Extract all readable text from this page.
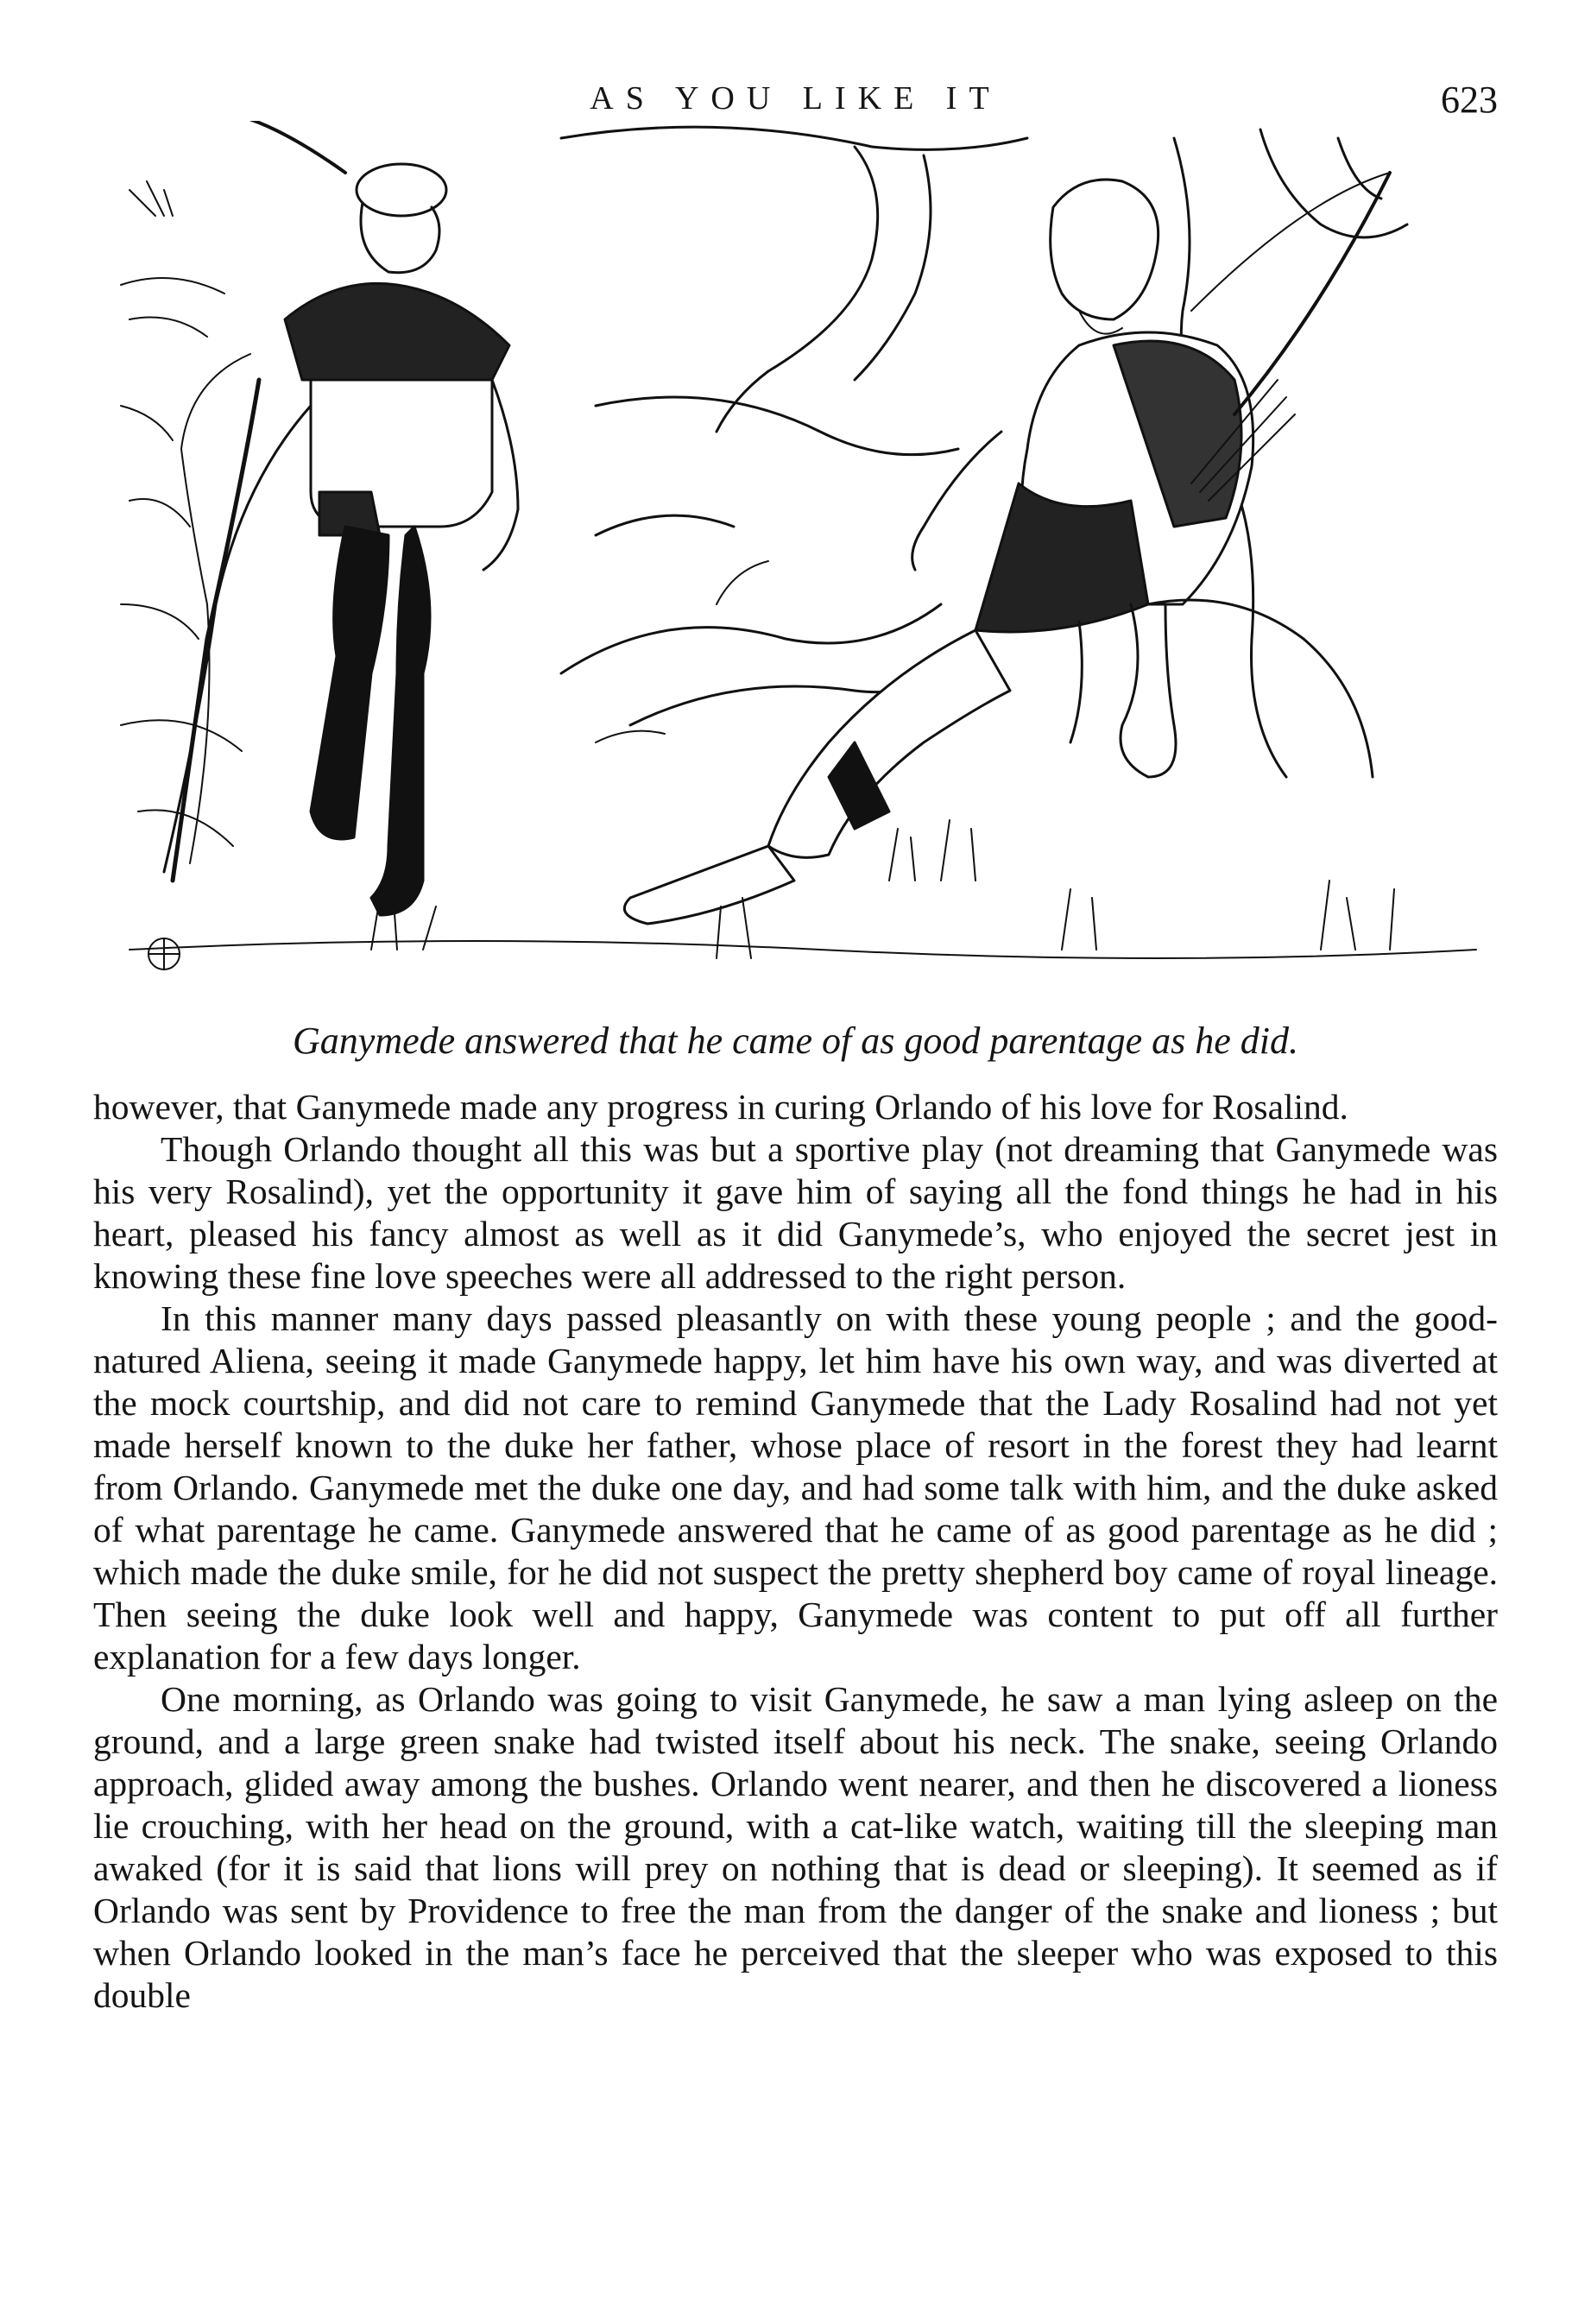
AS YOU LIKE IT	623
Ganymede answered that he came of as good parentage as he did.

however, that Ganymede made any progress in curing Orlando of his love for Rosalind.

Though Orlando thought all this was but a sportive play (not dreaming that Ganymede was his very Rosalind), yet the opportunity it gave him of saying all the fond things he had in his heart, pleased his fancy almost as well as it did Ganymede’s, who enjoyed the secret jest in knowing these fine love speeches were all addressed to the right person.

In this manner many days passed pleasantly on with these young people ; and the good-natured Aliena, seeing it made Ganymede happy, let him have his own way, and was diverted at the mock courtship, and did not care to remind Ganymede that the Lady Rosalind had not yet made herself known to the duke her father, whose place of resort in the forest they had learnt from Orlando. Ganymede met the duke one day, and had some talk with him, and the duke asked of what parentage he came. Ganymede answered that he came of as good parentage as he did ; which made the duke smile, for he did not suspect the pretty shepherd boy came of royal lineage. Then seeing the duke look well and happy, Ganymede was content to put off all further explanation for a few days longer.

One morning, as Orlando was going to visit Ganymede, he saw a man lying asleep on the ground, and a large green snake had twisted itself about his neck. The snake, seeing Orlando approach, glided away among the bushes. Orlando went nearer, and then he discovered a lioness lie crouching, with her head on the ground, with a cat-like watch, waiting till the sleeping man awaked (for it is said that lions will prey on nothing that is dead or sleeping). It seemed as if Orlando was sent by Providence to free the man from the danger of the snake and lioness ; but when Orlando looked in the man’s face he perceived that the sleeper who was exposed to this double
